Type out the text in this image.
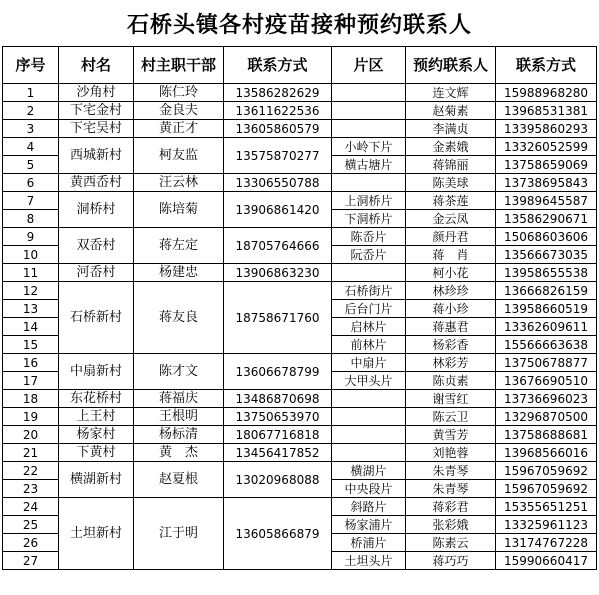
石桥头镇各村疫苗接种预约联系人
序号	村名	村主职干部	联系方式	片区	预约联系人	联系方式
1	沙角村	陈仁玲	13586282629		连文辉	15988968280
2	下宅金村	金良夫	13611622536		赵菊素	13968531381
3	下宅吴村	黄正才	13605860579		李满贞	13395860293
4	西城新村	柯友监	13575870277	小岭下片	金素娥	13326052599
5				横古塘片	蒋锦丽	13758659069
6	黄西岙村	汪云林	13306550788		陈美球	13738695843
7	洞桥村	陈培菊	13906861420	上洞桥片	蒋茶莲	13989645587
8				下洞桥片	金云凤	13586290671
9	双岙村	蒋左定	18705764666	陈岙片	颜丹君	15068603606
10				阮岙片	蒋　肖	13566673035
11	河岙村	杨建忠	13906863230		柯小花	13958655538
12	石桥新村	蒋友良	18758671760	石桥街片	林珍珍	13666826159
13				后台门片	蒋小珍	13958660519
14				启林片	蒋惠君	13362609611
15				前林片	杨彩香	15566663638
16	中扇新村	陈才文	13606678799	中扇片	林彩芳	13750678877
17				大甲头片	陈贞素	13676690510
18	东花桥村	蒋福庆	13486870698		谢雪红	13736696023
19	上王村	王根明	13750653970		陈云卫	13296870500
20	杨家村	杨标清	18067716818		黄雪芳	13758688681
21	下黄村	黄　杰	13456417852		刘艳蓉	13968566016
22	横湖新村	赵夏根	13020968088	横湖片	朱青琴	15967059692
23				中央段片	朱青琴	15967059692
24	土坦新村	江于明	13605866879	斜路片	蒋彩君	15355651251
25				杨家浦片	张彩娥	13325961123
26				桥浦片	陈素云	13174767228
27				土坦头片	蒋巧巧	15990660417
